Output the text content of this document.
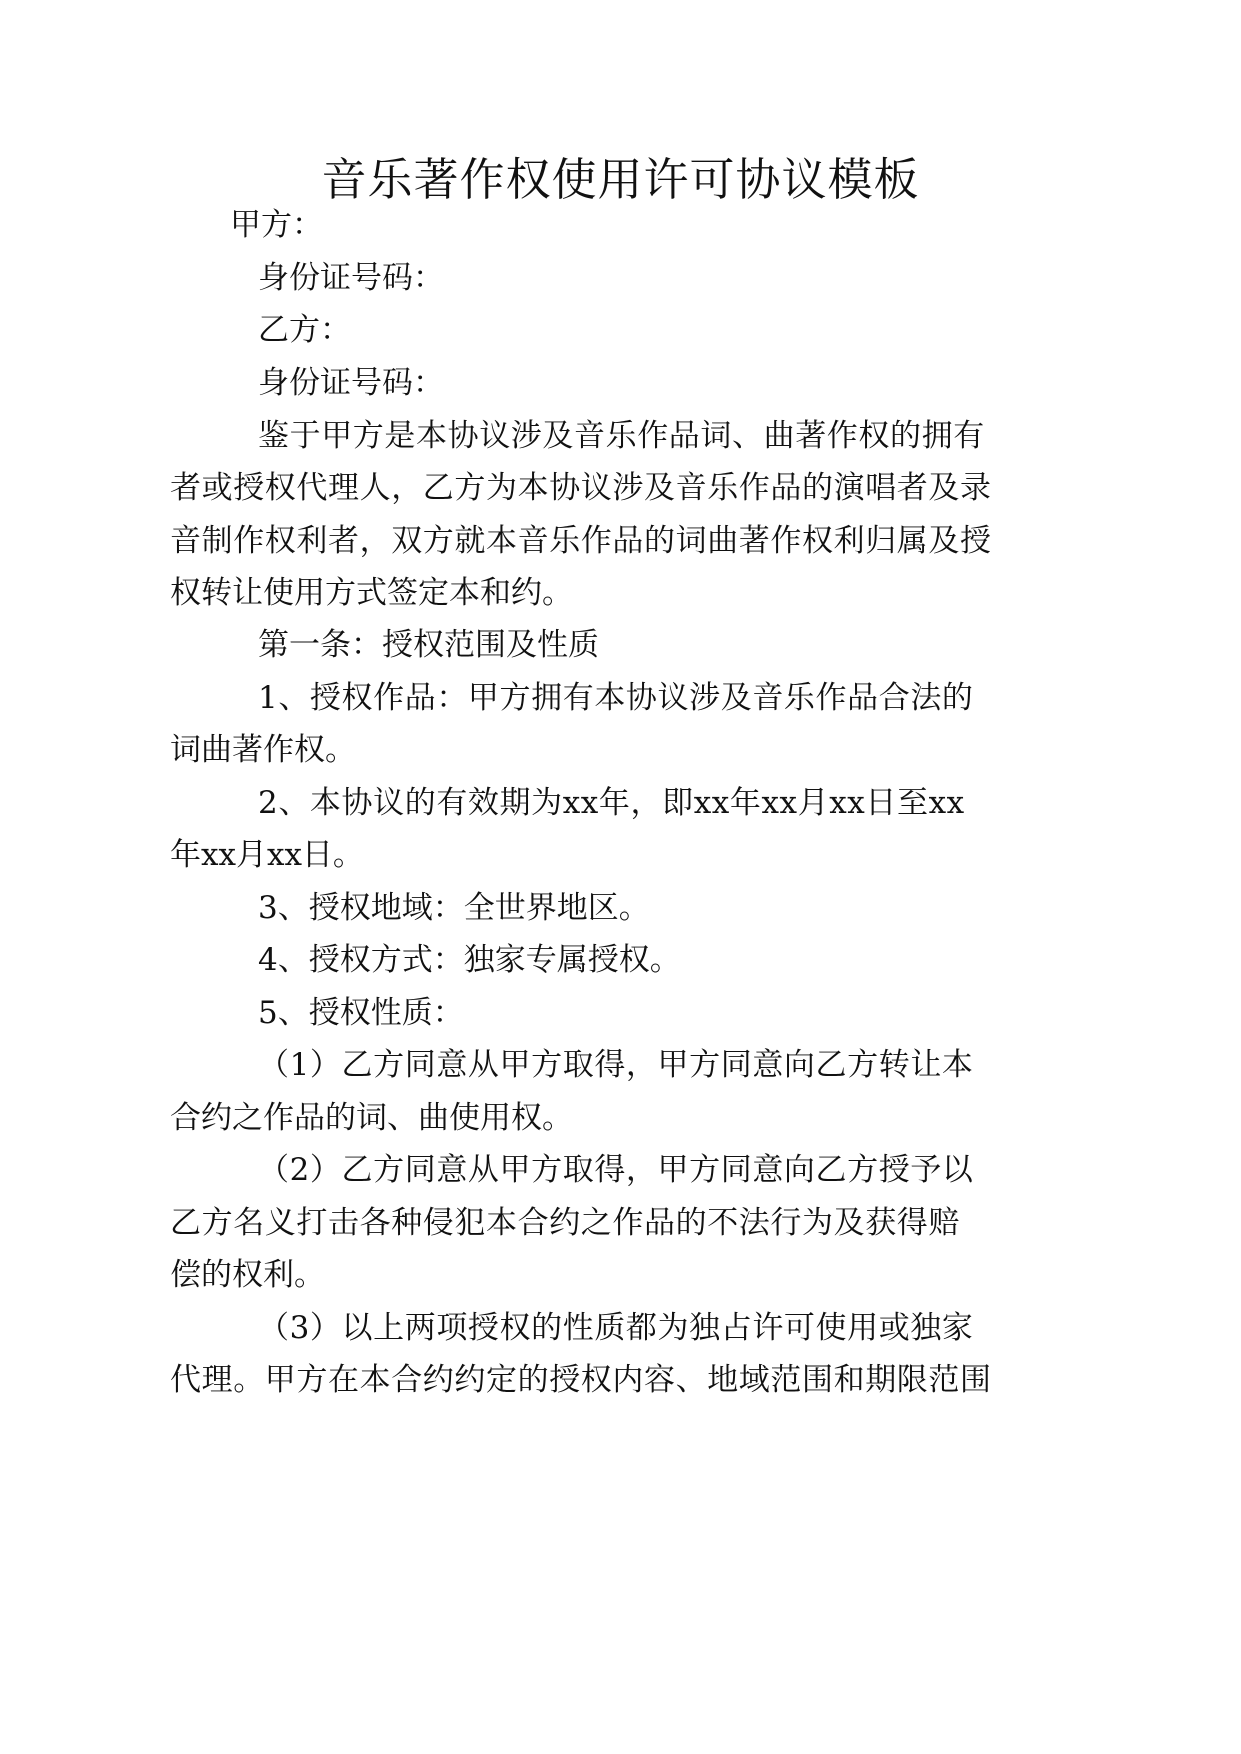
音乐著作权使用许可协议模板

甲方：

身份证号码：

乙方：

身份证号码：

鉴于甲方是本协议涉及音乐作品词、曲著作权的拥有

者或授权代理人，乙方为本协议涉及音乐作品的演唱者及录

音制作权利者，双方就本音乐作品的词曲著作权利归属及授

权转让使用方式签定本和约。

第一条：授权范围及性质

1、授权作品：甲方拥有本协议涉及音乐作品合法的

词曲著作权。

2、本协议的有效期为xx年，即xx年xx月xx日至xx

年xx月xx日。

3、授权地域：全世界地区。

4、授权方式：独家专属授权。

5、授权性质：

（1）乙方同意从甲方取得，甲方同意向乙方转让本

合约之作品的词、曲使用权。

（2）乙方同意从甲方取得，甲方同意向乙方授予以

乙方名义打击各种侵犯本合约之作品的不法行为及获得赔

偿的权利。

（3）以上两项授权的性质都为独占许可使用或独家

代理。甲方在本合约约定的授权内容、地域范围和期限范围
